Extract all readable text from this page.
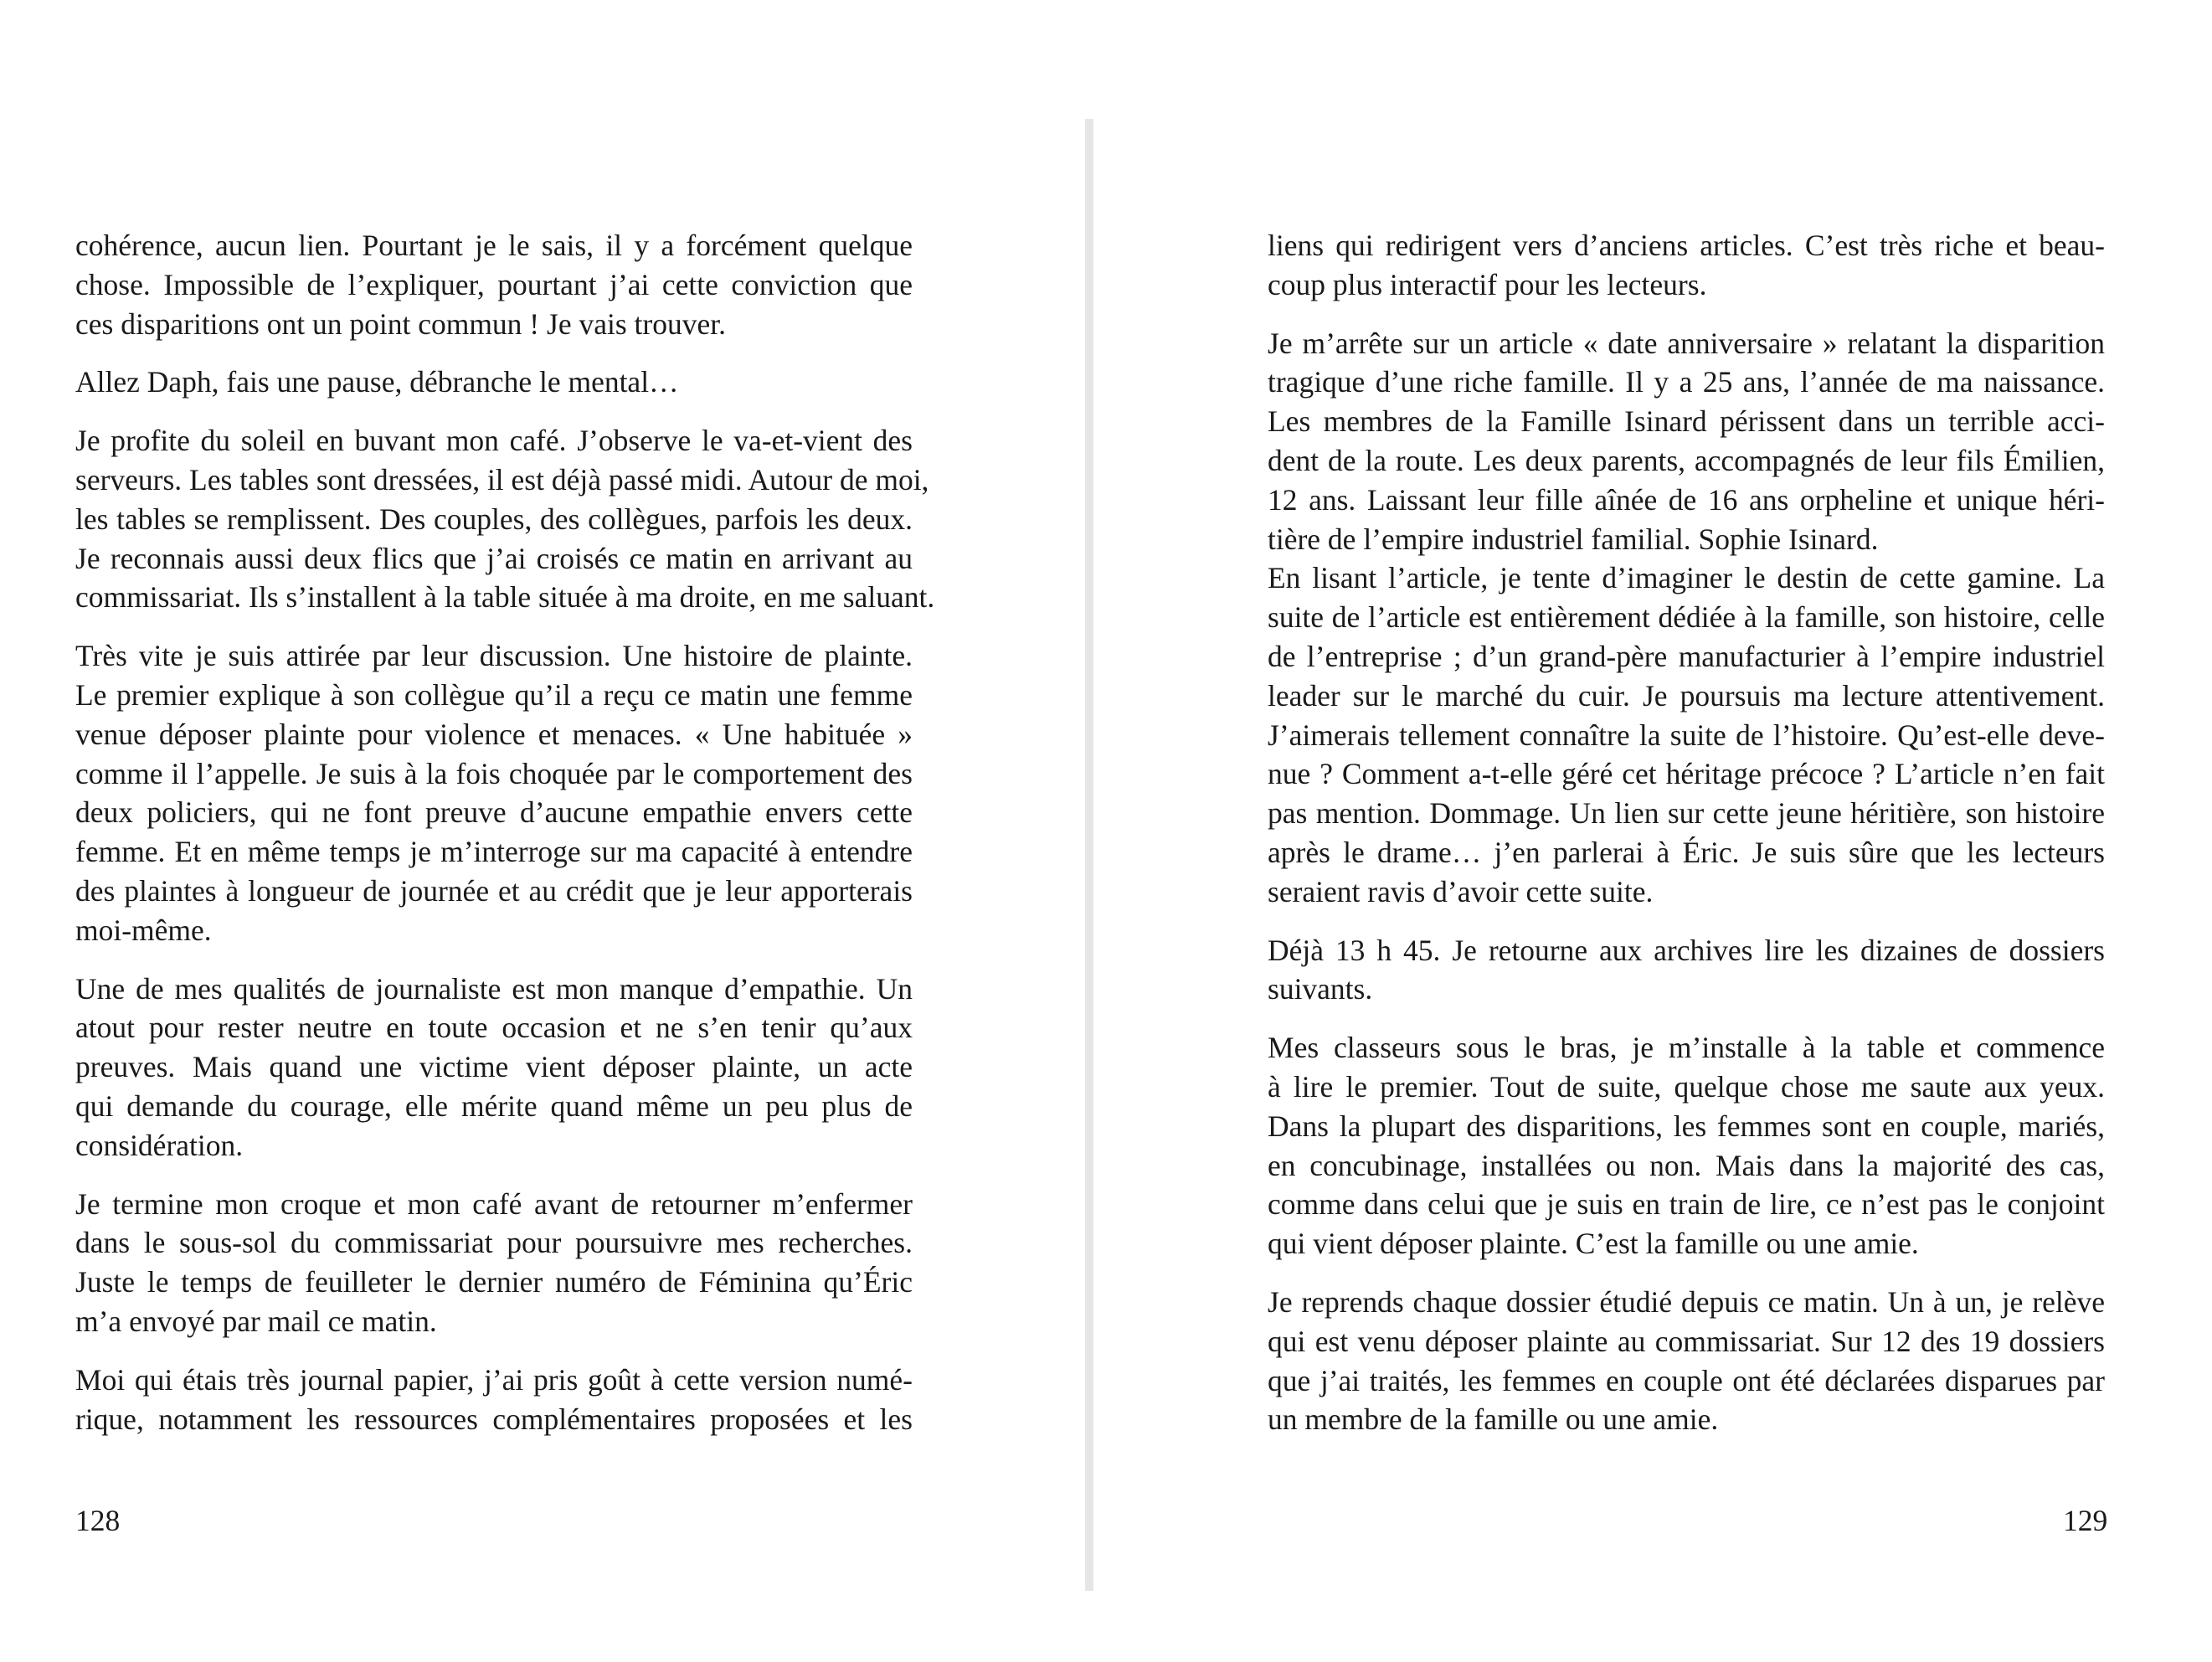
cohérence, aucun lien. Pourtant je le sais, il y a forcément quelque
chose. Impossible de l’expliquer, pourtant j’ai cette conviction que
ces disparitions ont un point commun ! Je vais trouver.
Allez Daph, fais une pause, débranche le mental…
Je profite du soleil en buvant mon café. J’observe le va-et-vient des
serveurs. Les tables sont dressées, il est déjà passé midi. Autour de moi,
les tables se remplissent. Des couples, des collègues, parfois les deux.
Je reconnais aussi deux flics que j’ai croisés ce matin en arrivant au
commissariat. Ils s’installent à la table située à ma droite, en me saluant.
Très vite je suis attirée par leur discussion. Une histoire de plainte.
Le premier explique à son collègue qu’il a reçu ce matin une femme
venue déposer plainte pour violence et menaces. « Une habituée »
comme il l’appelle. Je suis à la fois choquée par le comportement des
deux policiers, qui ne font preuve d’aucune empathie envers cette
femme. Et en même temps je m’interroge sur ma capacité à entendre
des plaintes à longueur de journée et au crédit que je leur apporterais
moi-même.
Une de mes qualités de journaliste est mon manque d’empathie. Un
atout pour rester neutre en toute occasion et ne s’en tenir qu’aux
preuves. Mais quand une victime vient déposer plainte, un acte
qui demande du courage, elle mérite quand même un peu plus de
considération.
Je termine mon croque et mon café avant de retourner m’enfermer
dans le sous-sol du commissariat pour poursuivre mes recherches.
Juste le temps de feuilleter le dernier numéro de Féminina qu’Éric
m’a envoyé par mail ce matin.
Moi qui étais très journal papier, j’ai pris goût à cette version numé-
rique, notamment les ressources complémentaires proposées et les
128
liens qui redirigent vers d’anciens articles. C’est très riche et beau-
coup plus interactif pour les lecteurs.
Je m’arrête sur un article « date anniversaire » relatant la disparition
tragique d’une riche famille. Il y a 25 ans, l’année de ma naissance.
Les membres de la Famille Isinard périssent dans un terrible acci-
dent de la route. Les deux parents, accompagnés de leur fils Émilien,
12 ans. Laissant leur fille aînée de 16 ans orpheline et unique héri-
tière de l’empire industriel familial. Sophie Isinard.
En lisant l’article, je tente d’imaginer le destin de cette gamine. La
suite de l’article est entièrement dédiée à la famille, son histoire, celle
de l’entreprise ; d’un grand-père manufacturier à l’empire industriel
leader sur le marché du cuir. Je poursuis ma lecture attentivement.
J’aimerais tellement connaître la suite de l’histoire. Qu’est-elle deve-
nue ? Comment a-t-elle géré cet héritage précoce ? L’article n’en fait
pas mention. Dommage. Un lien sur cette jeune héritière, son histoire
après le drame… j’en parlerai à Éric. Je suis sûre que les lecteurs
seraient ravis d’avoir cette suite.
Déjà 13 h 45. Je retourne aux archives lire les dizaines de dossiers
suivants.
Mes classeurs sous le bras, je m’installe à la table et commence
à lire le premier. Tout de suite, quelque chose me saute aux yeux.
Dans la plupart des disparitions, les femmes sont en couple, mariés,
en concubinage, installées ou non. Mais dans la majorité des cas,
comme dans celui que je suis en train de lire, ce n’est pas le conjoint
qui vient déposer plainte. C’est la famille ou une amie.
Je reprends chaque dossier étudié depuis ce matin. Un à un, je relève
qui est venu déposer plainte au commissariat. Sur 12 des 19 dossiers
que j’ai traités, les femmes en couple ont été déclarées disparues par
un membre de la famille ou une amie.
129
